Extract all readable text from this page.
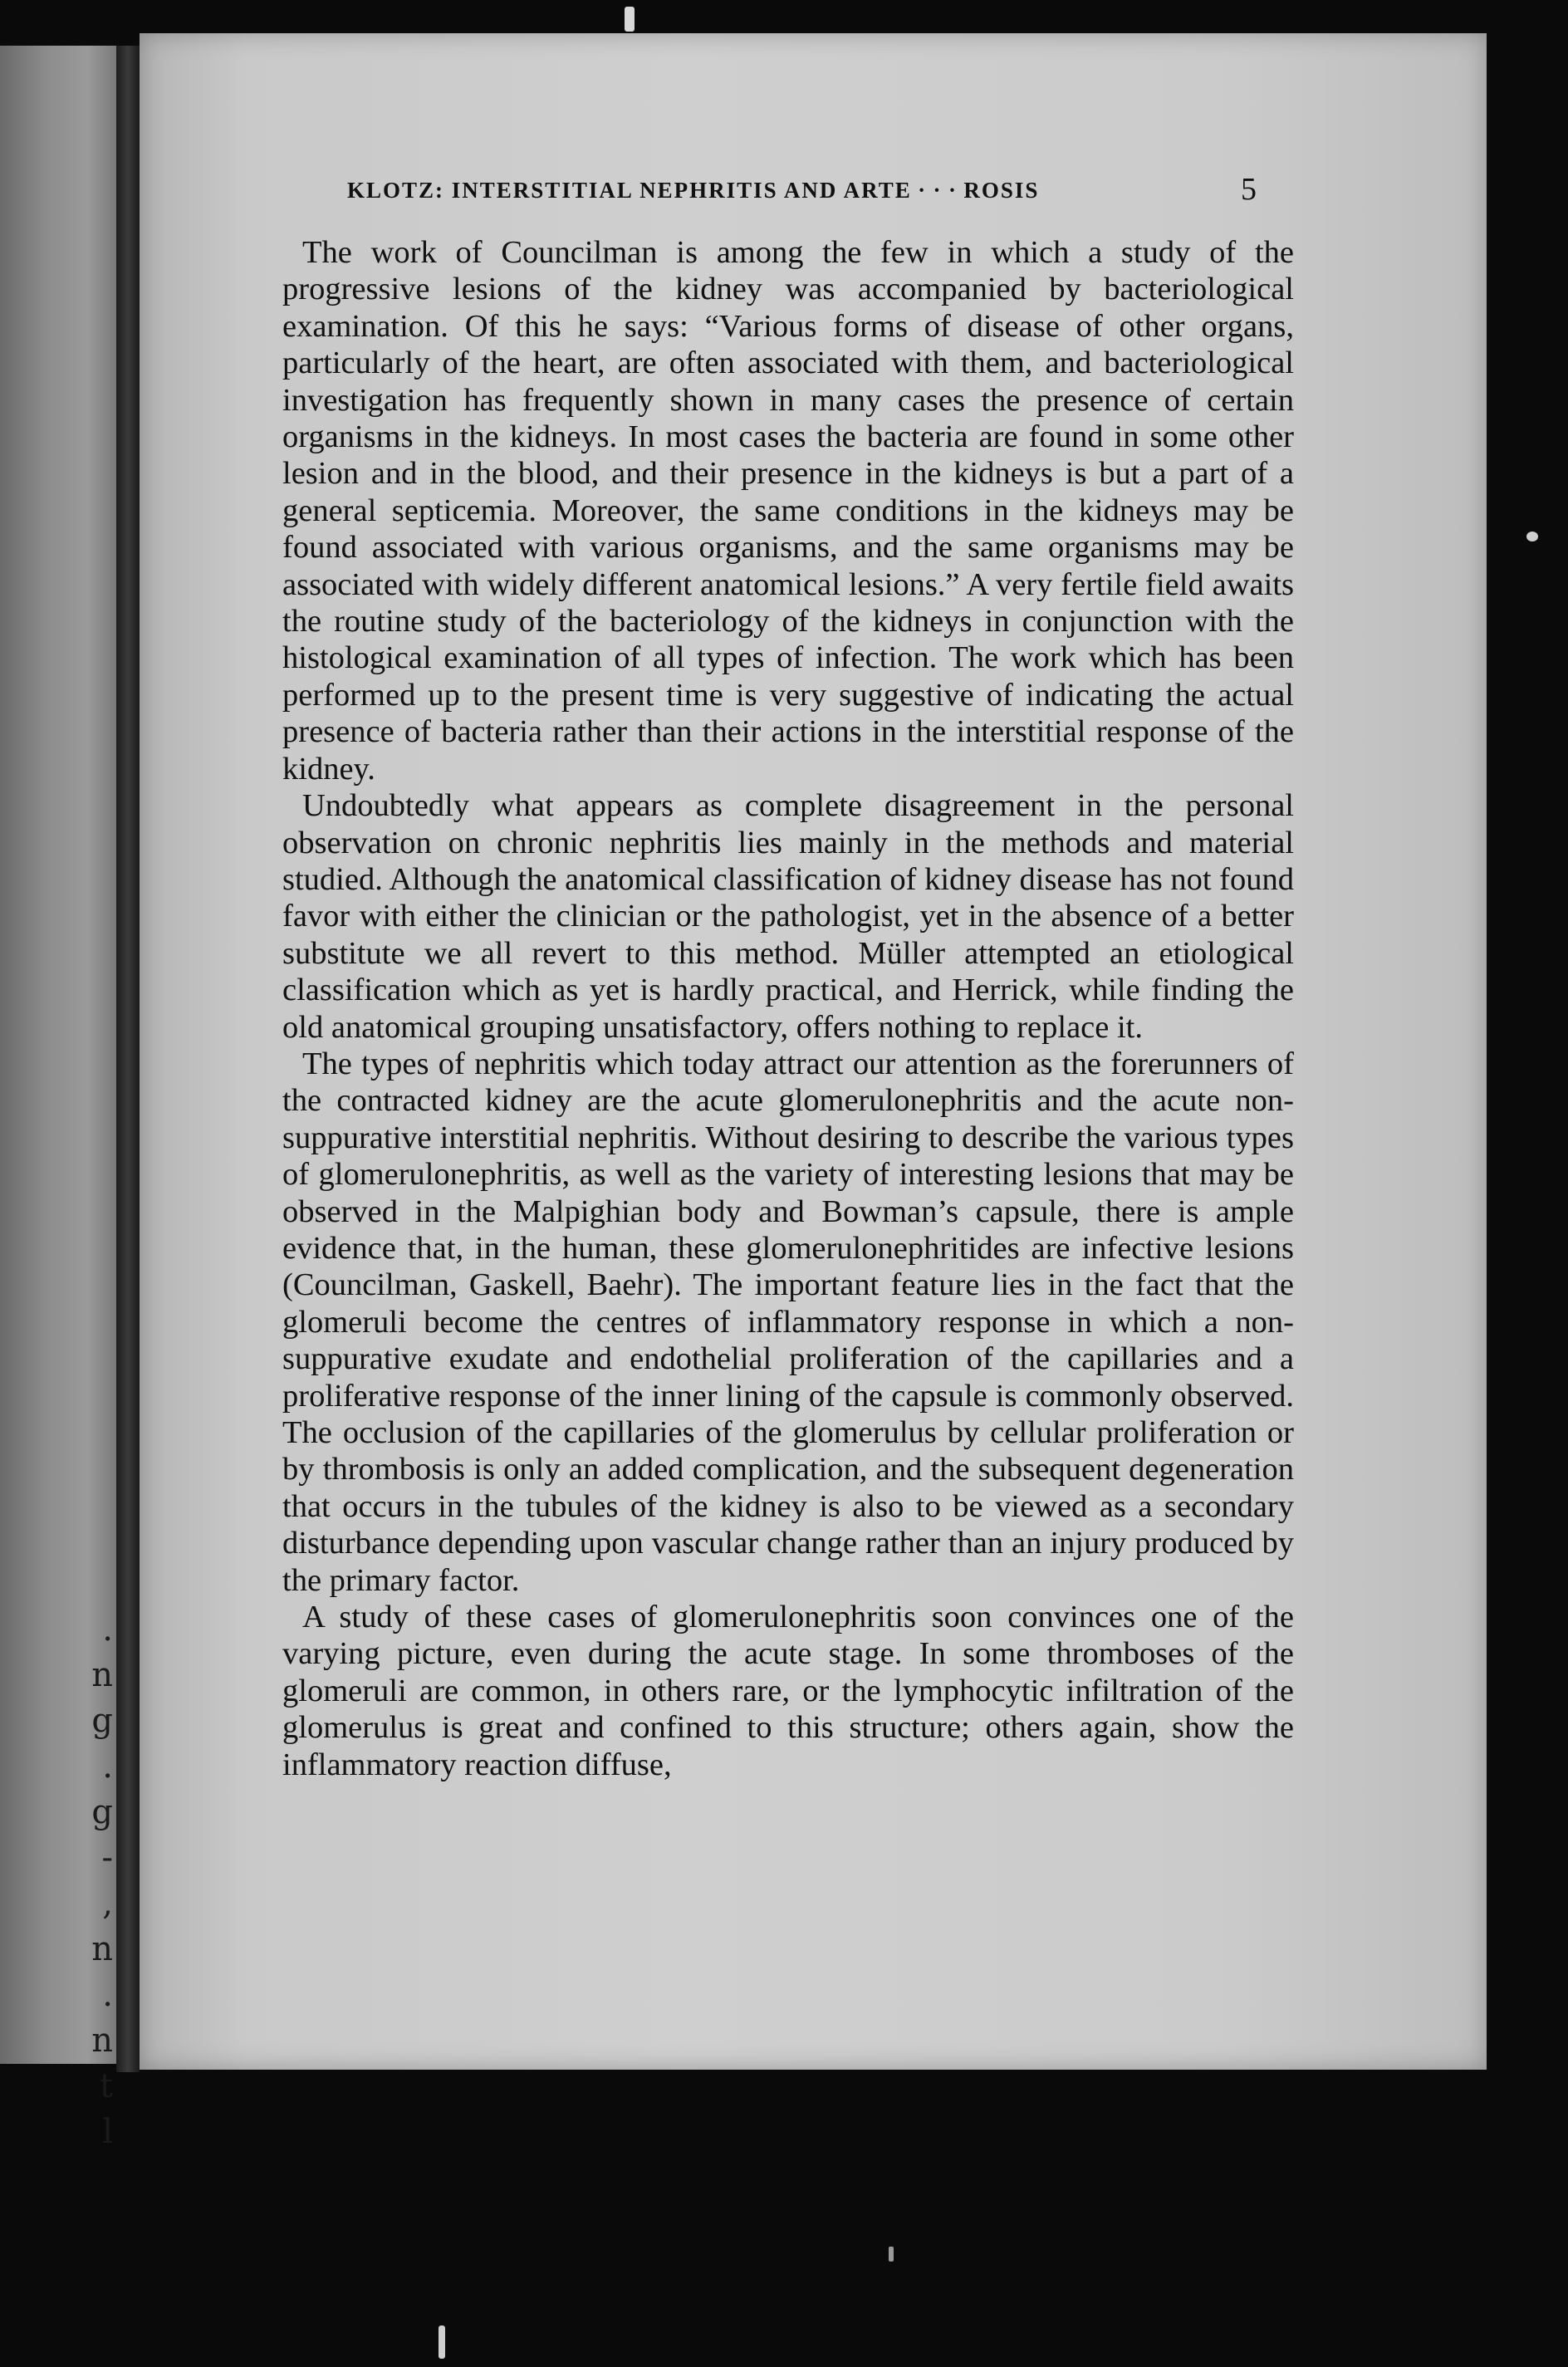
.
n
g
.
g
-
,
n
.
n
t
l
KLOTZ: INTERSTITIAL NEPHRITIS AND ARTE · · · ROSIS	5

The work of Councilman is among the few in which a study of the progressive lesions of the kidney was accompanied by bacteriological examination. Of this he says: “Various forms of disease of other organs, particularly of the heart, are often associated with them, and bacteriological investigation has frequently shown in many cases the presence of certain organisms in the kidneys. In most cases the bacteria are found in some other lesion and in the blood, and their presence in the kidneys is but a part of a general septicemia. Moreover, the same conditions in the kidneys may be found associated with various organisms, and the same organisms may be associated with widely different anatomical lesions.” A very fertile field awaits the routine study of the bacteriology of the kidneys in conjunction with the histological examination of all types of infection. The work which has been performed up to the present time is very suggestive of indicating the actual presence of bacteria rather than their actions in the interstitial response of the kidney.

Undoubtedly what appears as complete disagreement in the personal observation on chronic nephritis lies mainly in the methods and material studied. Although the anatomical classification of kidney disease has not found favor with either the clinician or the pathologist, yet in the absence of a better substitute we all revert to this method. Müller attempted an etiological classification which as yet is hardly practical, and Herrick, while finding the old anatomical grouping unsatisfactory, offers nothing to replace it.

The types of nephritis which today attract our attention as the forerunners of the contracted kidney are the acute glomerulonephritis and the acute non-suppurative interstitial nephritis. Without desiring to describe the various types of glomerulonephritis, as well as the variety of interesting lesions that may be observed in the Malpighian body and Bowman’s capsule, there is ample evidence that, in the human, these glomerulonephritides are infective lesions (Councilman, Gaskell, Baehr). The important feature lies in the fact that the glomeruli become the centres of inflammatory response in which a non-suppurative exudate and endothelial proliferation of the capillaries and a proliferative response of the inner lining of the capsule is commonly observed. The occlusion of the capillaries of the glomerulus by cellular proliferation or by thrombosis is only an added complication, and the subsequent degeneration that occurs in the tubules of the kidney is also to be viewed as a secondary disturbance depending upon vascular change rather than an injury produced by the primary factor.

A study of these cases of glomerulonephritis soon convinces one of the varying picture, even during the acute stage. In some thromboses of the glomeruli are common, in others rare, or the lymphocytic infiltration of the glomerulus is great and confined to this structure; others again, show the inflammatory reaction diffuse,
